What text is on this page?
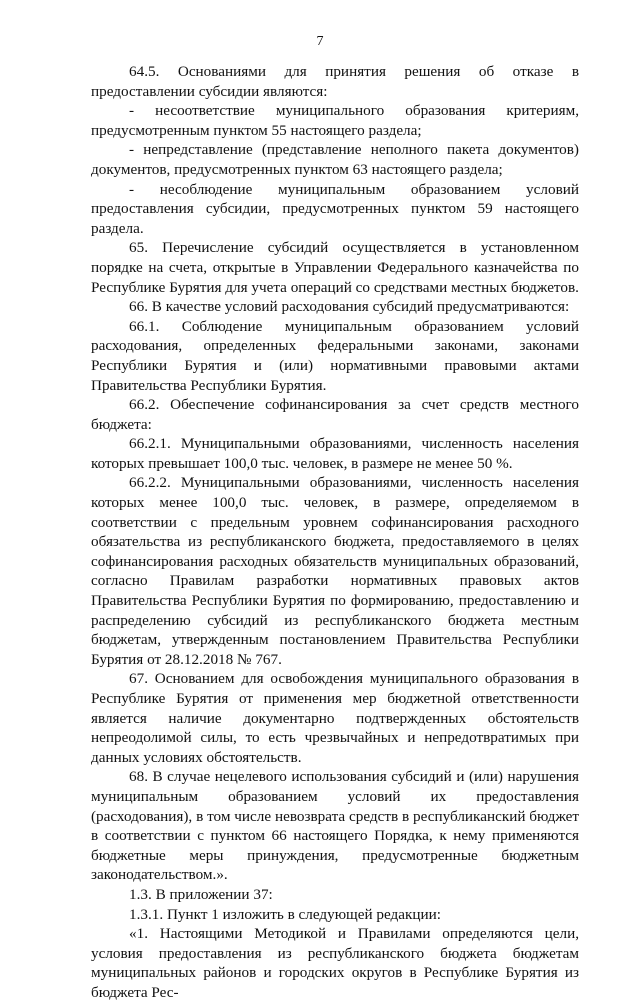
7

64.5. Основаниями для принятия решения об отказе в предоставлении субсидии являются:

- несоответствие муниципального образования критериям, предусмотренным пунктом 55 настоящего раздела;

- непредставление (представление неполного пакета документов) документов, предусмотренных пунктом 63 настоящего раздела;

- несоблюдение муниципальным образованием условий предоставления субсидии, предусмотренных пунктом 59 настоящего раздела.

65. Перечисление субсидий осуществляется в установленном порядке на счета, открытые в Управлении Федерального казначейства по Республике Бурятия для учета операций со средствами местных бюджетов.

66. В качестве условий расходования субсидий предусматриваются:

66.1. Соблюдение муниципальным образованием условий расходования, определенных федеральными законами, законами Республики Бурятия и (или) нормативными правовыми актами Правительства Республики Бурятия.

66.2. Обеспечение софинансирования за счет средств местного бюджета:

66.2.1. Муниципальными образованиями, численность населения которых превышает 100,0 тыс. человек, в размере не менее 50 %.

66.2.2. Муниципальными образованиями, численность населения которых менее 100,0 тыс. человек, в размере, определяемом в соответствии с предельным уровнем софинансирования расходного обязательства из республиканского бюджета, предоставляемого в целях софинансирования расходных обязательств муниципальных образований, согласно Правилам разработки нормативных правовых актов Правительства Республики Бурятия по формированию, предоставлению и распределению субсидий из республиканского бюджета местным бюджетам, утвержденным постановлением Правительства Республики Бурятия от 28.12.2018 № 767.

67. Основанием для освобождения муниципального образования в Республике Бурятия от применения мер бюджетной ответственности является наличие документарно подтвержденных обстоятельств непреодолимой силы, то есть чрезвычайных и непредотвратимых при данных условиях обстоятельств.

68. В случае нецелевого использования субсидий и (или) нарушения муниципальным образованием условий их предоставления (расходования), в том числе невозврата средств в республиканский бюджет в соответствии с пунктом 66 настоящего Порядка, к нему применяются бюджетные меры принуждения, предусмотренные бюджетным законодательством.».

1.3. В приложении 37:

1.3.1. Пункт 1 изложить в следующей редакции:

«1. Настоящими Методикой и Правилами определяются цели, условия предоставления из республиканского бюджета бюджетам муниципальных районов и городских округов в Республике Бурятия из бюджета Рес-
